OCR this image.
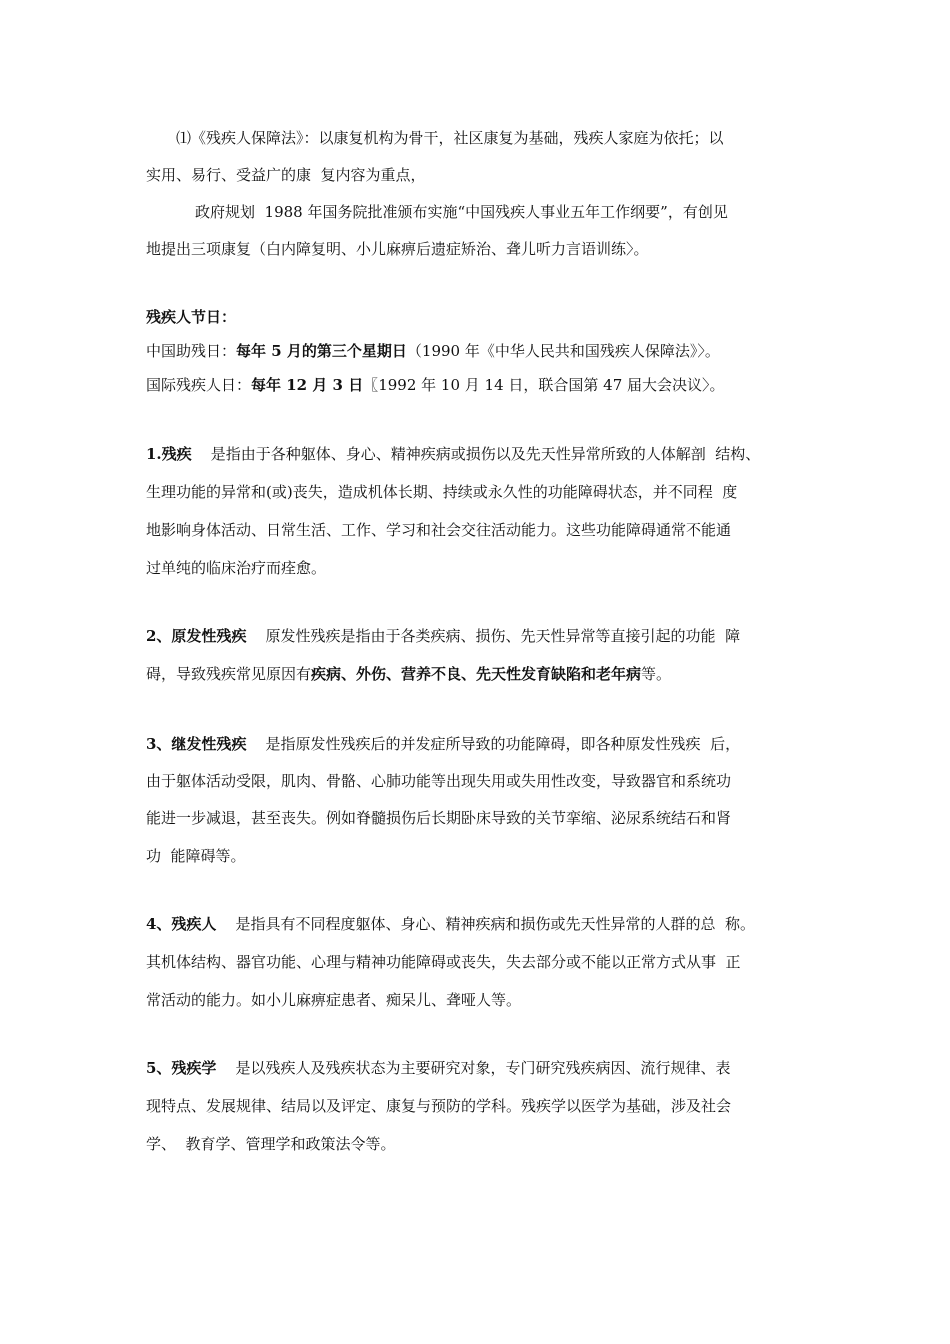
⑴《残疾人保障法》：以康复机构为骨干，社区康复为基础，残疾人家庭为依托；以
实用、易行、受益广的康  复内容为重点，
政府规划  1988 年国务院批准颁布实施“中国残疾人事业五年工作纲要”，有创见
地提出三项康复（白内障复明、小儿麻痹后遗症矫治、聋儿听力言语训练〉。
残疾人节日：
中国助残日：每年 5 月的第三个星期日（1990 年《中华人民共和国残疾人保障法》〉。
国际残疾人日：每年 12 月 3 日〖1992 年 10 月 14 日，联合国第 47 届大会决议〉。
1.残疾    是指由于各种躯体、身心、精神疾病或损伤以及先天性异常所致的人体解剖  结构、
生理功能的异常和(或)丧失，造成机体长期、持续或永久性的功能障碍状态，并不同程  度
地影响身体活动、日常生活、工作、学习和社会交往活动能力。这些功能障碍通常不能通
过单纯的临床治疗而痊愈。
2、原发性残疾    原发性残疾是指由于各类疾病、损伤、先天性异常等直接引起的功能  障
碍，导致残疾常见原因有疾病、外伤、营养不良、先天性发育缺陷和老年病等。
3、继发性残疾    是指原发性残疾后的并发症所导致的功能障碍，即各种原发性残疾  后，
由于躯体活动受限，肌肉、骨骼、心肺功能等出现失用或失用性改变，导致器官和系统功
能进一步减退，甚至丧失。例如脊髓损伤后长期卧床导致的关节挛缩、泌尿系统结石和肾
功  能障碍等。
4、残疾人    是指具有不同程度躯体、身心、精神疾病和损伤或先天性异常的人群的总  称。
其机体结构、器官功能、心理与精神功能障碍或丧失，失去部分或不能以正常方式从事  正
常活动的能力。如小儿麻痹症患者、痴呆儿、聋哑人等。
5、残疾学    是以残疾人及残疾状态为主要研究对象，专门研究残疾病因、流行规律、表
现特点、发展规律、结局以及评定、康复与预防的学科。残疾学以医学为基础，涉及社会
学、  教育学、管理学和政策法令等。
